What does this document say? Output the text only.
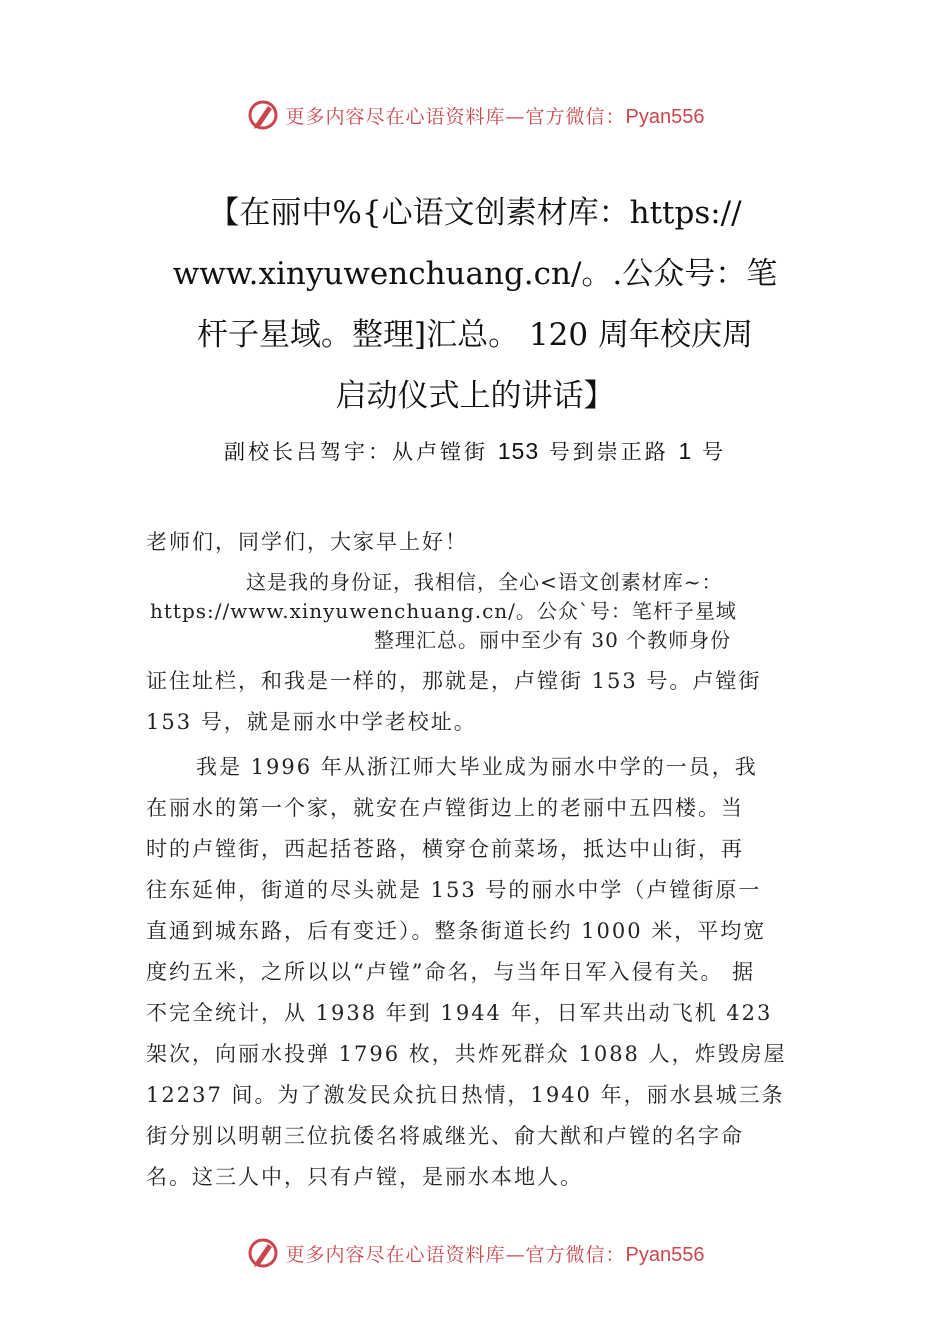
更多内容尽在心语资料库—官方微信：Pyan556
【在丽中%{心语文创素材库：https://
www.xinyuwenchuang.cn/。.公众号：笔
杆子星域。整理]汇总。 120 周年校庆周
启动仪式上的讲话】
副校长吕驾宇：从卢镗街 153 号到崇正路 1 号
老师们，同学们，大家早上好！
这是我的身份证，我相信，全心<语文创素材库~：
https://www.xinyuwenchuang.cn/。公众`号：笔杆子星域
整理汇总。丽中至少有 30 个教师身份
证住址栏，和我是一样的，那就是，卢镗街 153 号。卢镗街
153 号，就是丽水中学老校址。
我是 1996 年从浙江师大毕业成为丽水中学的一员，我
在丽水的第一个家，就安在卢镗街边上的老丽中五四楼。当
时的卢镗街，西起括苍路，横穿仓前菜场，抵达中山街，再
往东延伸，街道的尽头就是 153 号的丽水中学（卢镗街原一
直通到城东路，后有变迁）。整条街道长约 1000 米，平均宽
度约五米，之所以以“卢镗”命名，与当年日军入侵有关。 据
不完全统计，从 1938 年到 1944 年，日军共出动飞机 423
架次，向丽水投弹 1796 枚，共炸死群众 1088 人，炸毁房屋
12237 间。为了激发民众抗日热情，1940 年，丽水县城三条
街分别以明朝三位抗倭名将戚继光、俞大猷和卢镗的名字命
名。这三人中，只有卢镗，是丽水本地人。
更多内容尽在心语资料库—官方微信：Pyan556
